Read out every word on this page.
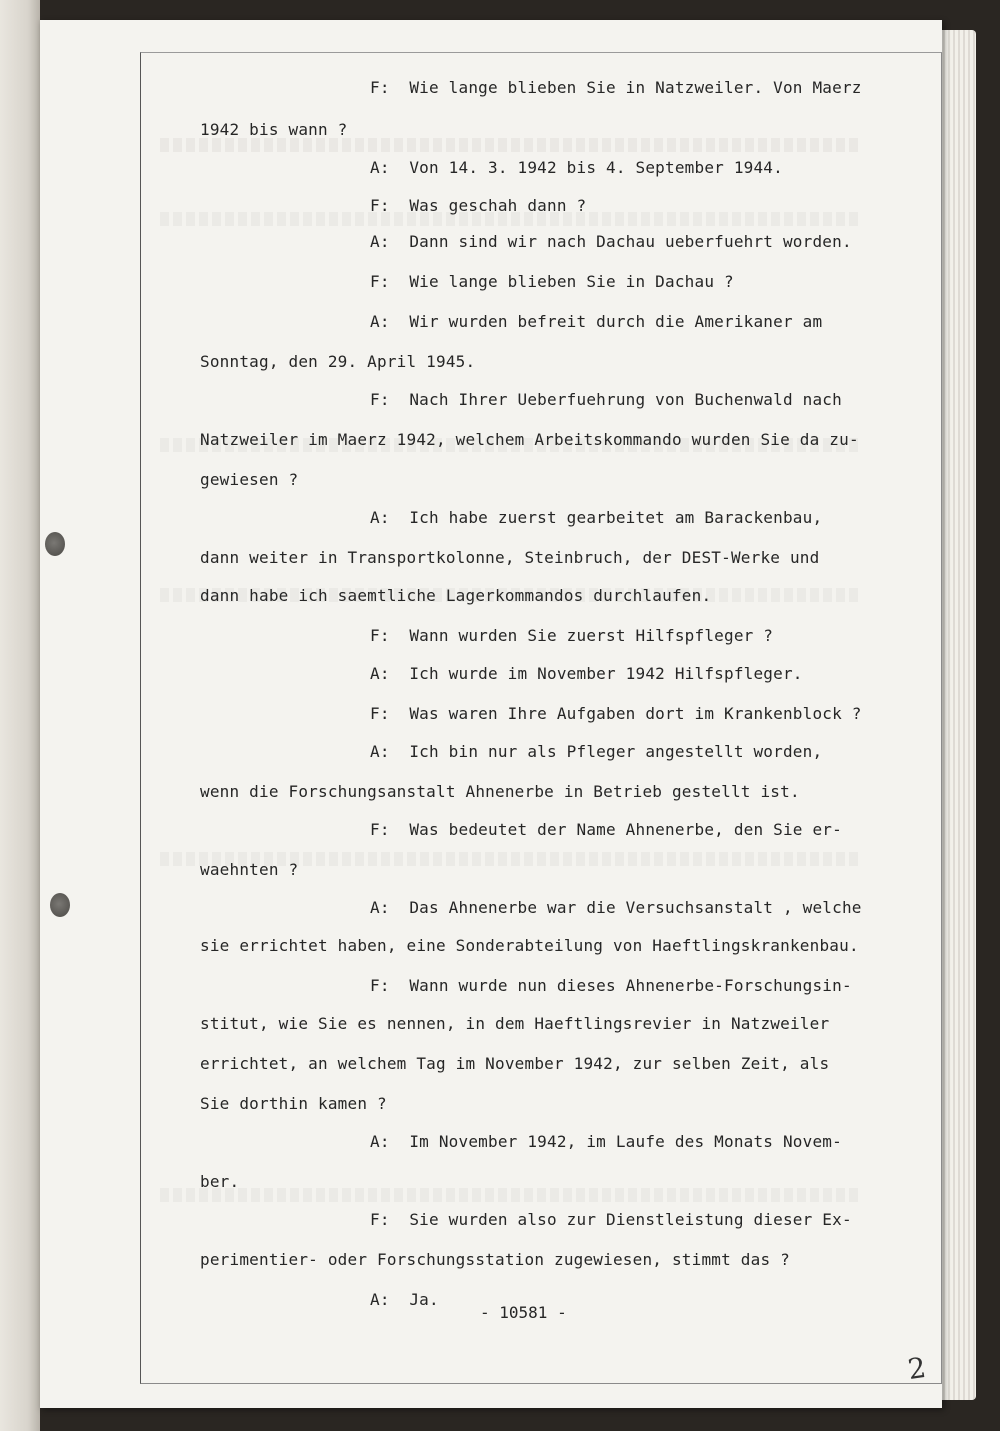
F:  Wie lange blieben Sie in Natzweiler. Von Maerz

1942 bis wann ?

A:  Von 14. 3. 1942 bis 4. September 1944.

F:  Was geschah dann ?

A:  Dann sind wir nach Dachau ueberfuehrt worden.

F:  Wie lange blieben Sie in Dachau ?

A:  Wir wurden befreit durch die Amerikaner am

Sonntag, den 29. April 1945.

F:  Nach Ihrer Ueberfuehrung von Buchenwald nach

Natzweiler im Maerz 1942, welchem Arbeitskommando wurden Sie da zu-

gewiesen ?

A:  Ich habe zuerst gearbeitet am Barackenbau,

dann weiter in Transportkolonne, Steinbruch, der DEST-Werke und

dann habe ich saemtliche Lagerkommandos durchlaufen.

F:  Wann wurden Sie zuerst Hilfspfleger ?

A:  Ich wurde im November 1942 Hilfspfleger.

F:  Was waren Ihre Aufgaben dort im Krankenblock ?

A:  Ich bin nur als Pfleger angestellt worden,

wenn die Forschungsanstalt Ahnenerbe in Betrieb gestellt ist.

F:  Was bedeutet der Name Ahnenerbe, den Sie er-

waehnten ?

A:  Das Ahnenerbe war die Versuchsanstalt , welche

sie errichtet haben, eine Sonderabteilung von Haeftlingskrankenbau.

F:  Wann wurde nun dieses Ahnenerbe-Forschungsin-

stitut, wie Sie es nennen, in dem Haeftlingsrevier in Natzweiler

errichtet, an welchem Tag im November 1942, zur selben Zeit, als

Sie dorthin kamen ?

A:  Im November 1942, im Laufe des Monats Novem-

ber.

F:  Sie wurden also zur Dienstleistung dieser Ex-

perimentier- oder Forschungsstation zugewiesen, stimmt das ?

A:  Ja.

- 10581 -

2
